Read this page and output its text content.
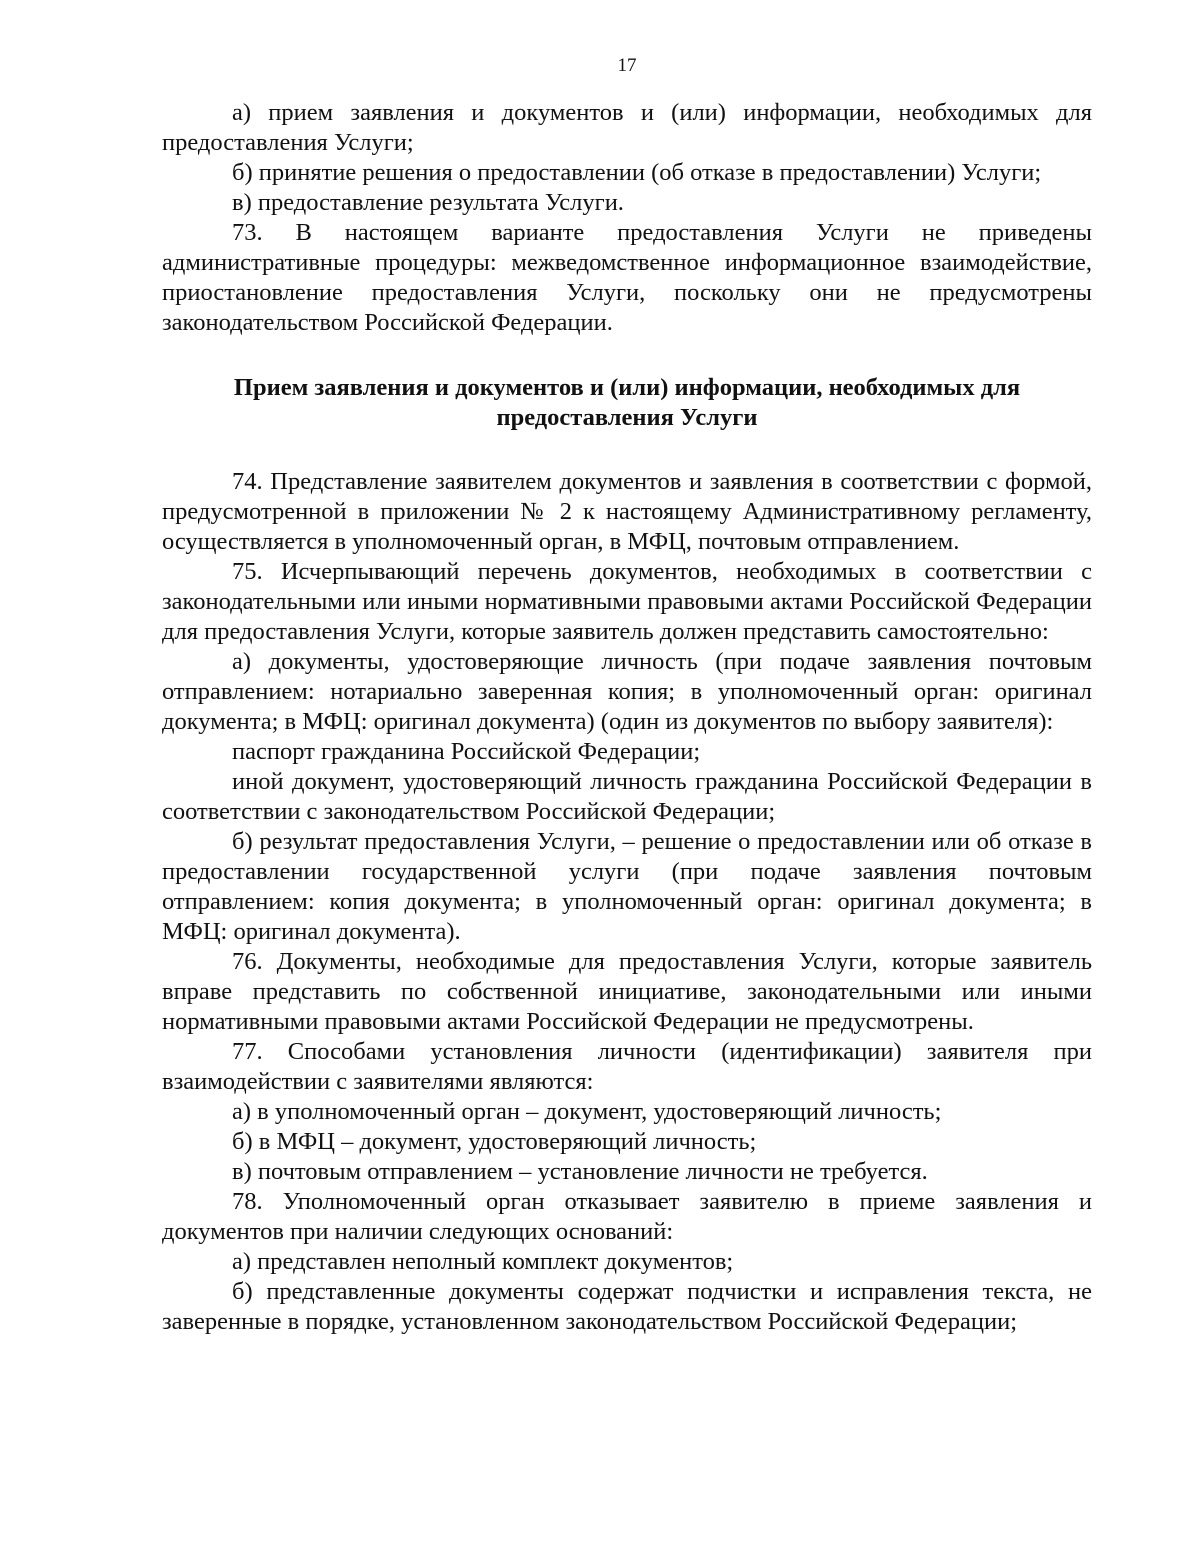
17

а) прием заявления и документов и (или) информации, необходимых для предоставления Услуги;

б) принятие решения о предоставлении (об отказе в предоставлении) Услуги;

в) предоставление результата Услуги.

73. В настоящем варианте предоставления Услуги не приведены административные процедуры: межведомственное информационное взаимодействие, приостановление предоставления Услуги, поскольку они не предусмотрены законодательством Российской Федерации.

Прием заявления и документов и (или) информации, необходимых для
предоставления Услуги

74. Представление заявителем документов и заявления в соответствии с формой, предусмотренной в приложении № 2 к настоящему Административному регламенту, осуществляется в уполномоченный орган, в МФЦ, почтовым отправлением.

75. Исчерпывающий перечень документов, необходимых в соответствии с законодательными или иными нормативными правовыми актами Российской Федерации для предоставления Услуги, которые заявитель должен представить самостоятельно:

а) документы, удостоверяющие личность (при подаче заявления почтовым отправлением: нотариально заверенная копия; в уполномоченный орган: оригинал документа; в МФЦ: оригинал документа) (один из документов по выбору заявителя):

паспорт гражданина Российской Федерации;

иной документ, удостоверяющий личность гражданина Российской Федерации в соответствии с законодательством Российской Федерации;

б) результат предоставления Услуги, – решение о предоставлении или об отказе в предоставлении государственной услуги (при подаче заявления почтовым отправлением: копия документа; в уполномоченный орган: оригинал документа; в МФЦ: оригинал документа).

76. Документы, необходимые для предоставления Услуги, которые заявитель вправе представить по собственной инициативе, законодательными или иными нормативными правовыми актами Российской Федерации не предусмотрены.

77. Способами установления личности (идентификации) заявителя при взаимодействии с заявителями являются:

а) в уполномоченный орган – документ, удостоверяющий личность;

б) в МФЦ – документ, удостоверяющий личность;

в) почтовым отправлением – установление личности не требуется.

78. Уполномоченный орган отказывает заявителю в приеме заявления и документов при наличии следующих оснований:

а) представлен неполный комплект документов;

б) представленные документы содержат подчистки и исправления текста, не заверенные в порядке, установленном законодательством Российской Федерации;
